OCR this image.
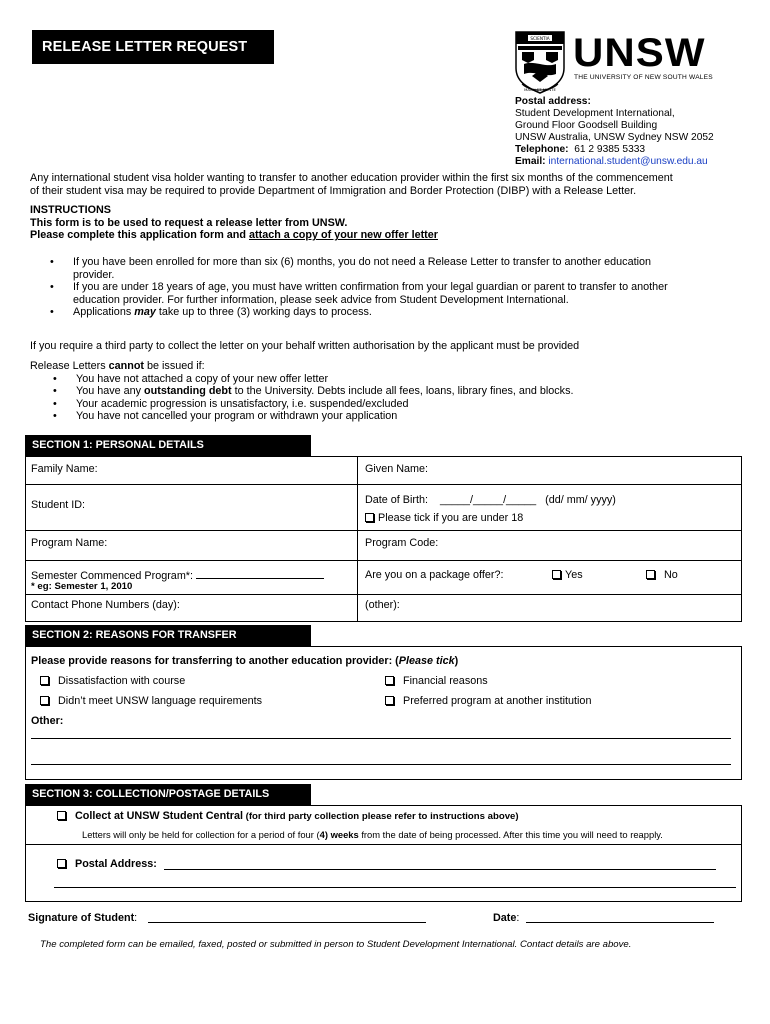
RELEASE LETTER REQUEST
SCIENTIA
MANU ET MENTE
UNSW
THE UNIVERSITY OF NEW SOUTH WALES
Postal address:
Student Development International,
Ground Floor Goodsell Building
UNSW Australia, UNSW Sydney NSW 2052
Telephone: 61 2 9385 5333
Email: international.student@unsw.edu.au
Any international student visa holder wanting to transfer to another education provider within the first six months of the commencement
of their student visa may be required to provide Department of Immigration and Border Protection (DIBP) with a Release Letter.
INSTRUCTIONS
This form is to be used to request a release letter from UNSW.
Please complete this application form and attach a copy of your new offer letter
• If you have been enrolled for more than six (6) months, you do not need a Release Letter to transfer to another education
provider.
• If you are under 18 years of age, you must have written confirmation from your legal guardian or parent to transfer to another
education provider. For further information, please seek advice from Student Development International.
• Applications may take up to three (3) working days to process.
If you require a third party to collect the letter on your behalf written authorisation by the applicant must be provided
Release Letters cannot be issued if:
• You have not attached a copy of your new offer letter
• You have any outstanding debt to the University. Debts include all fees, loans, library fines, and blocks.
• Your academic progression is unsatisfactory, i.e. suspended/excluded
• You have not cancelled your program or withdrawn your application
SECTION 1: PERSONAL DETAILS
Family Name:	Given Name:
Student ID:	Date of Birth: _____/_____/_____ (dd/ mm/ yyyy)
Please tick if you are under 18
Program Name:	Program Code:
Semester Commenced Program*:
* eg: Semester 1, 2010
Are you on a package offer?:	Yes	No
Contact Phone Numbers (day):	(other):
SECTION 2: REASONS FOR TRANSFER
Please provide reasons for transferring to another education provider: (Please tick)
Dissatisfaction with course	Financial reasons
Didn’t meet UNSW language requirements	Preferred program at another institution
Other:
SECTION 3: COLLECTION/POSTAGE DETAILS
Collect at UNSW Student Central (for third party collection please refer to instructions above)
Letters will only be held for collection for a period of four (4) weeks from the date of being processed. After this time you will need to reapply.
Postal Address:
Signature of Student:	Date:
The completed form can be emailed, faxed, posted or submitted in person to Student Development International. Contact details are above.
